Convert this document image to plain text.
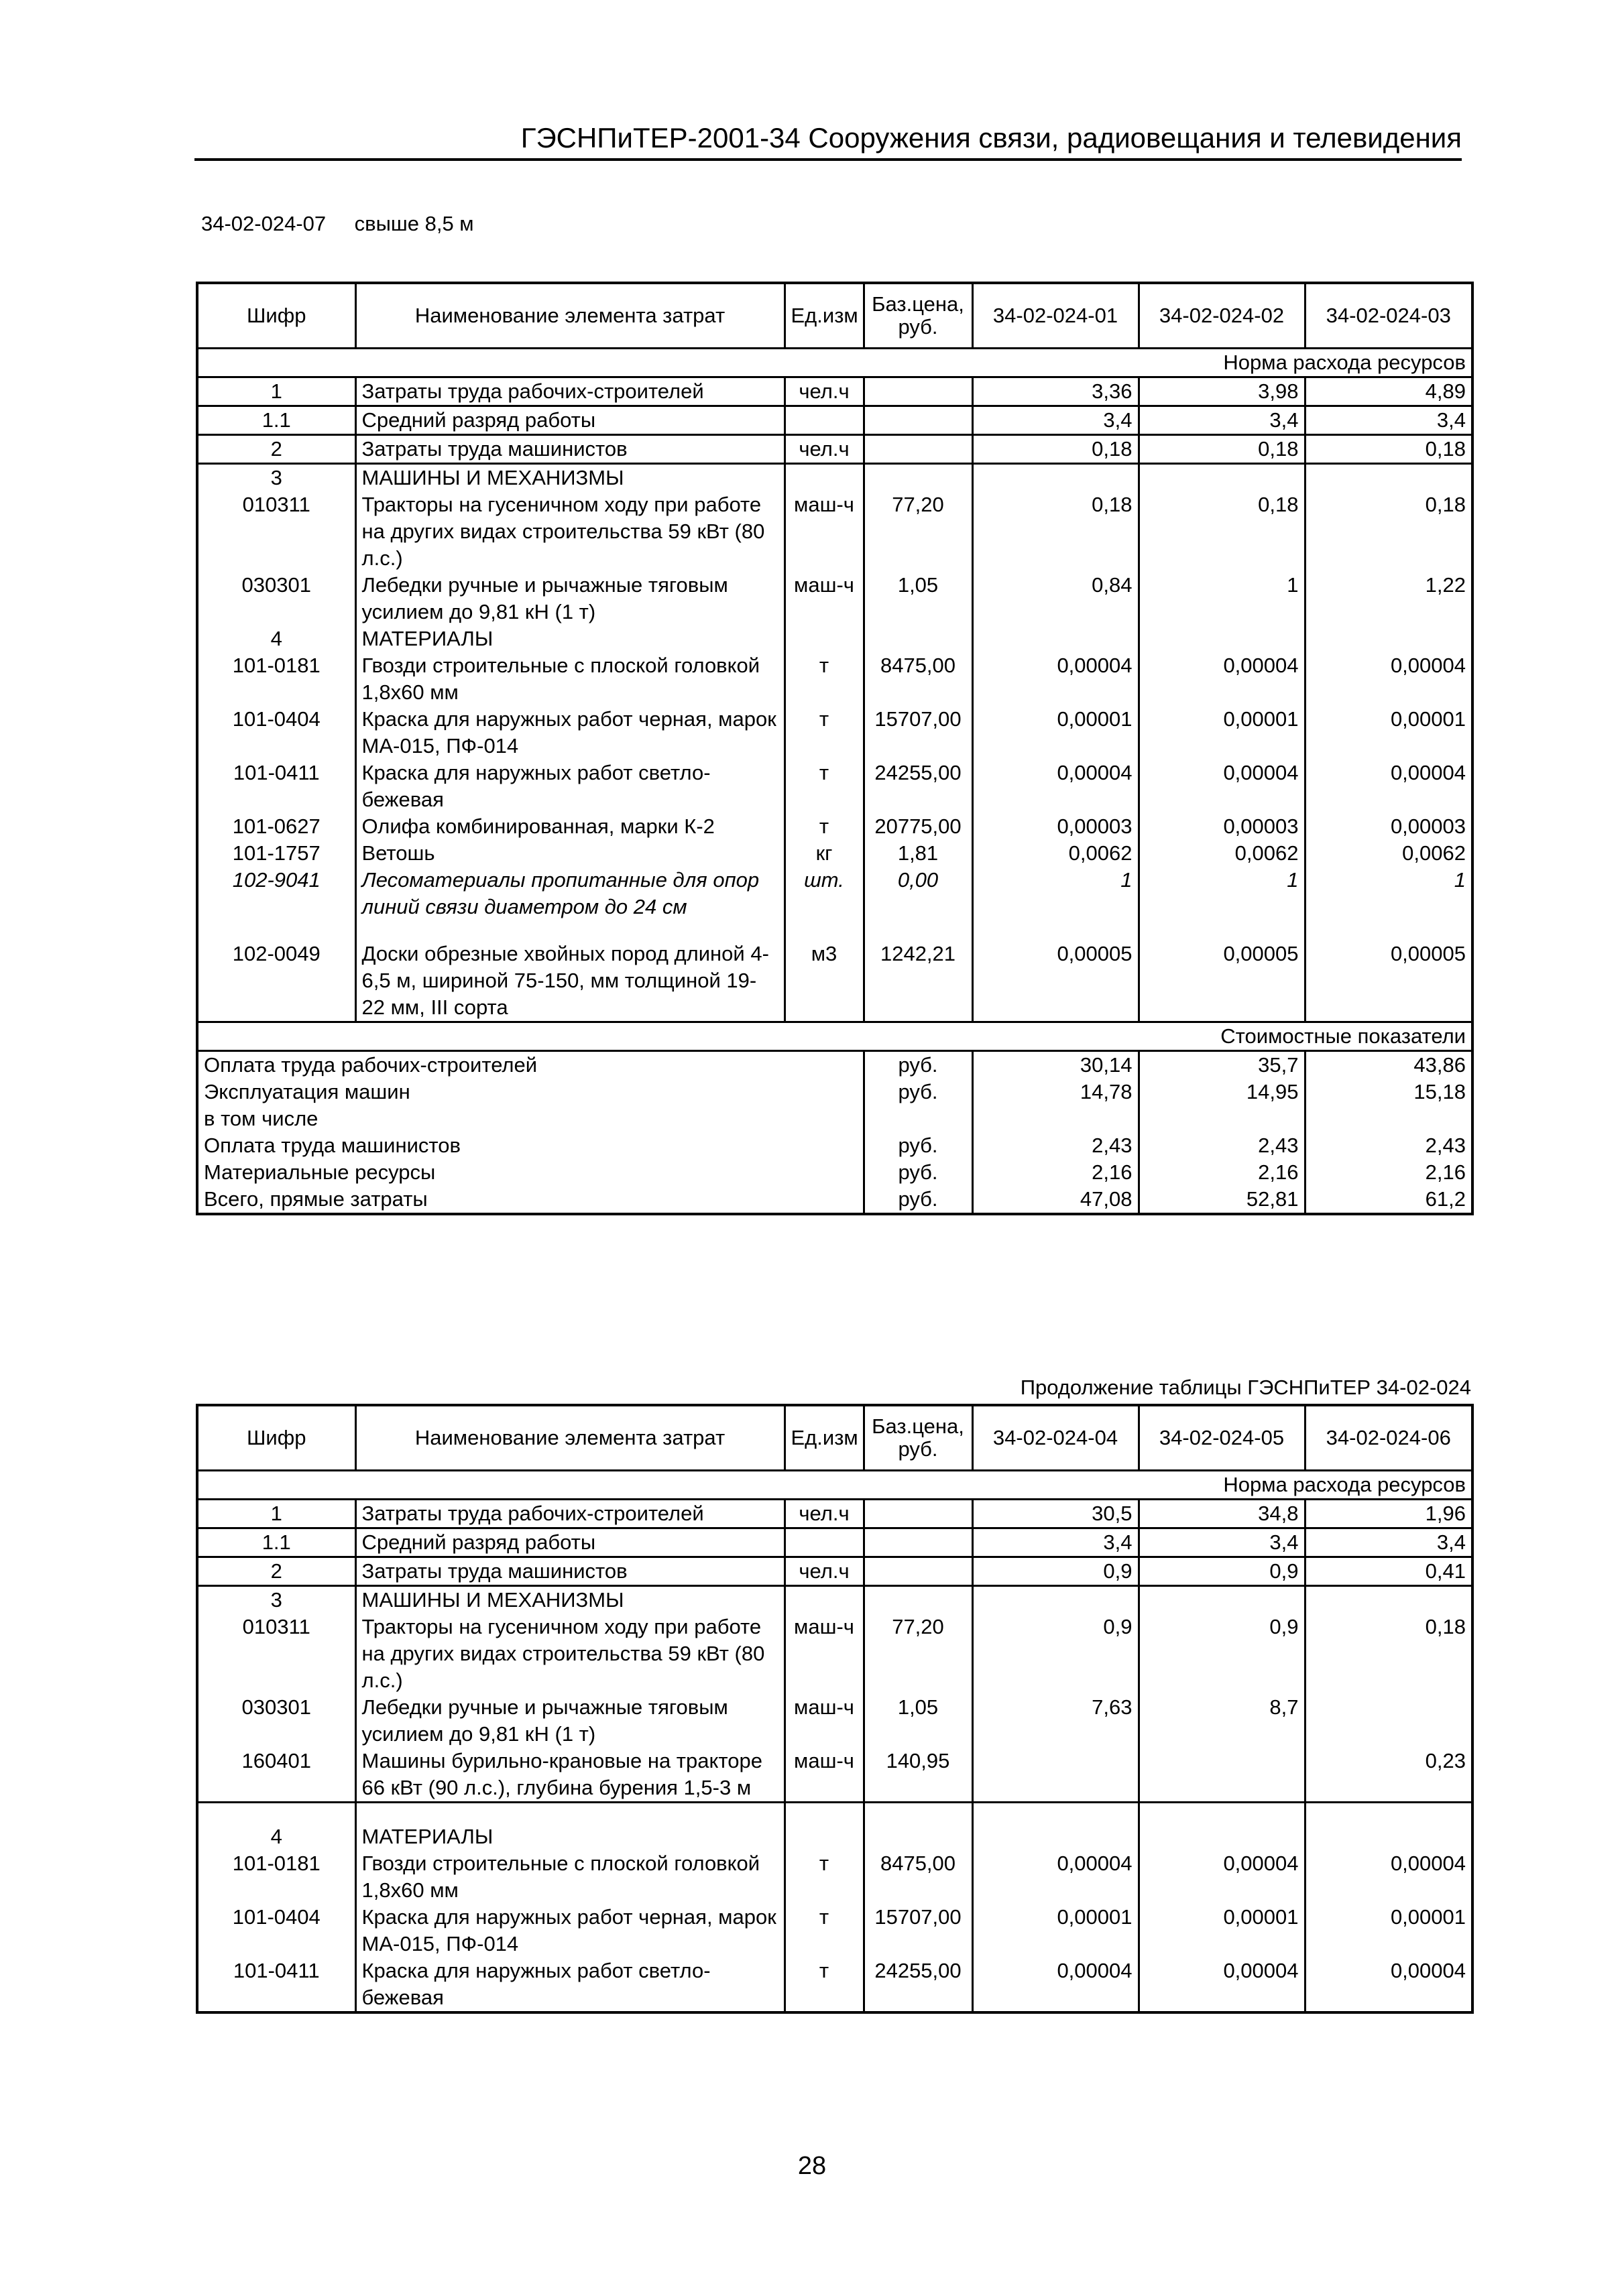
ГЭСНПиТЕР-2001-34 Сооружения связи, радиовещания и телевидения
34-02-024-07 свыше 8,5 м
Шифр	Наименование элемента затрат	Ед.изм	Баз.цена, руб.	34-02-024-01	34-02-024-02	34-02-024-03
Норма расхода ресурсов						
1	Затраты труда рабочих-строителей	чел.ч		3,36	3,98	4,89
1.1	Средний разряд работы			3,4	3,4	3,4
2	Затраты труда машинистов	чел.ч		0,18	0,18	0,18
3	МАШИНЫ И МЕХАНИЗМЫ					
010311	Тракторы на гусеничном ходу при работе на других видах строительства 59 кВт (80 л.с.)	маш-ч	77,20	0,18	0,18	0,18
030301	Лебедки ручные и рычажные тяговым усилием до 9,81 кН (1 т)	маш-ч	1,05	0,84	1	1,22
4	МАТЕРИАЛЫ					
101-0181	Гвозди строительные с плоской головкой 1,8x60 мм	т	8475,00	0,00004	0,00004	0,00004
101-0404	Краска для наружных работ черная, марок МА-015, ПФ-014	т	15707,00	0,00001	0,00001	0,00001
101-0411	Краска для наружных работ светло-бежевая	т	24255,00	0,00004	0,00004	0,00004
101-0627	Олифа комбинированная, марки К-2	т	20775,00	0,00003	0,00003	0,00003
101-1757	Ветошь	кг	1,81	0,0062	0,0062	0,0062
102-9041	Лесоматериалы пропитанные для опор линий связи диаметром до 24 см	шт.	0,00	1	1	1
102-0049	Доски обрезные хвойных пород длиной 4-6,5 м, шириной 75-150, мм толщиной 19-22 мм, III сорта	м3	1242,21	0,00005	0,00005	0,00005
Стоимостные показатели						
Оплата труда рабочих-строителей			руб.	30,14	35,7	43,86
Эксплуатация машин			руб.	14,78	14,95	15,18
в том числе						
Оплата труда машинистов			руб.	2,43	2,43	2,43
Материальные ресурсы			руб.	2,16	2,16	2,16
Всего, прямые затраты			руб.	47,08	52,81	61,2
Продолжение таблицы ГЭСНПиТЕР 34-02-024
Шифр	Наименование элемента затрат	Ед.изм	Баз.цена, руб.	34-02-024-04	34-02-024-05	34-02-024-06
Норма расхода ресурсов						
1	Затраты труда рабочих-строителей	чел.ч		30,5	34,8	1,96
1.1	Средний разряд работы			3,4	3,4	3,4
2	Затраты труда машинистов	чел.ч		0,9	0,9	0,41
3	МАШИНЫ И МЕХАНИЗМЫ					
010311	Тракторы на гусеничном ходу при работе на других видах строительства 59 кВт (80 л.с.)	маш-ч	77,20	0,9	0,9	0,18
030301	Лебедки ручные и рычажные тяговым усилием до 9,81 кН (1 т)	маш-ч	1,05	7,63	8,7	
160401	Машины бурильно-крановые на тракторе 66 кВт (90 л.с.), глубина бурения 1,5-3 м	маш-ч	140,95			0,23
4	МАТЕРИАЛЫ					
101-0181	Гвозди строительные с плоской головкой 1,8x60 мм	т	8475,00	0,00004	0,00004	0,00004
101-0404	Краска для наружных работ черная, марок МА-015, ПФ-014	т	15707,00	0,00001	0,00001	0,00001
101-0411	Краска для наружных работ светло-бежевая	т	24255,00	0,00004	0,00004	0,00004
28
